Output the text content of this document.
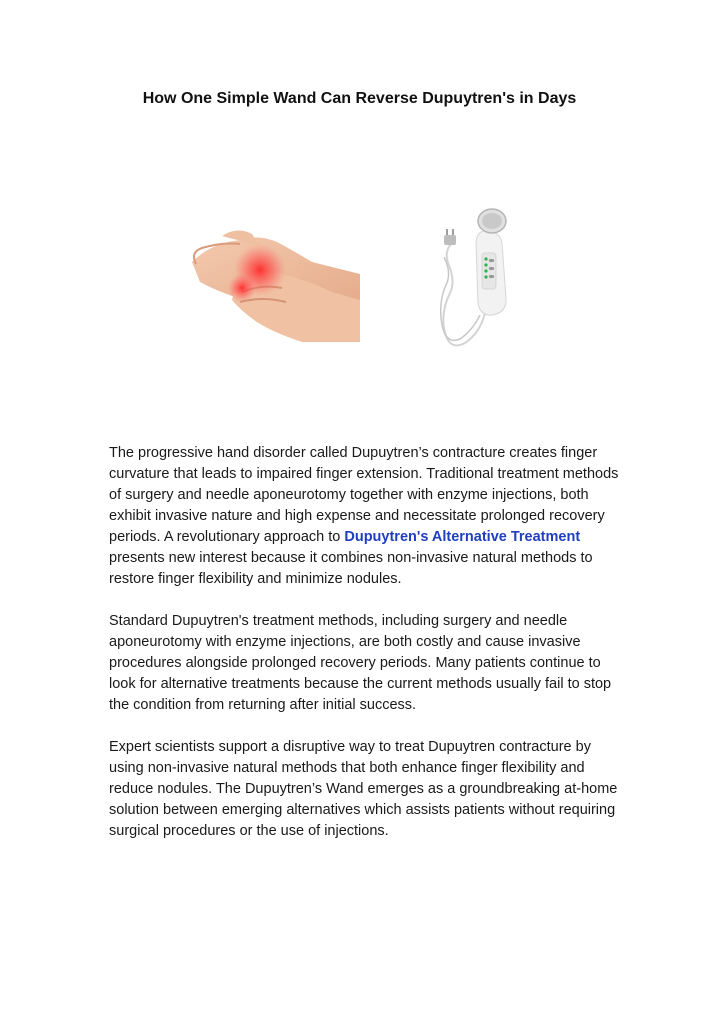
How One Simple Wand Can Reverse Dupuytren's in Days

The progressive hand disorder called Dupuytren’s contracture creates finger curvature that leads to impaired finger extension. Traditional treatment methods of surgery and needle aponeurotomy together with enzyme injections, both exhibit invasive nature and high expense and necessitate prolonged recovery periods. A revolutionary approach to Dupuytren's Alternative Treatment presents new interest because it combines non-invasive natural methods to restore finger flexibility and minimize nodules.

Standard Dupuytren's treatment methods, including surgery and needle aponeurotomy with enzyme injections, are both costly and cause invasive procedures alongside prolonged recovery periods. Many patients continue to look for alternative treatments because the current methods usually fail to stop the condition from returning after initial success.

Expert scientists support a disruptive way to treat Dupuytren contracture by using non-invasive natural methods that both enhance finger flexibility and reduce nodules. The Dupuytren’s Wand emerges as a groundbreaking at-home solution between emerging alternatives which assists patients without requiring surgical procedures or the use of injections.
